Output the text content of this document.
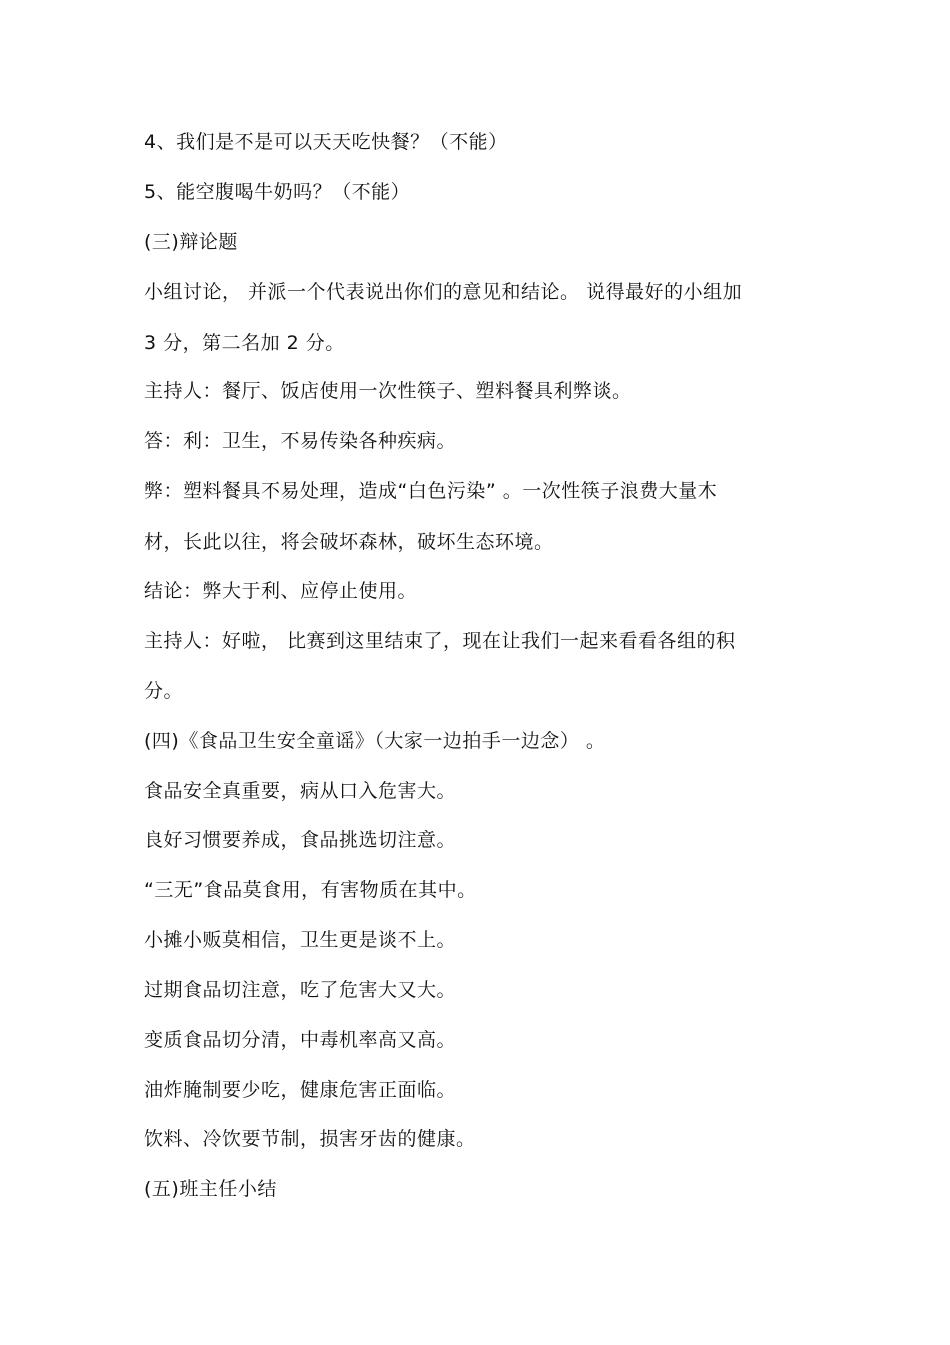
4、我们是不是可以天天吃快餐？（不能）
5、能空腹喝牛奶吗？（不能）
(三)辩论题
小组讨论， 并派一个代表说出你们的意见和结论。 说得最好的小组加
3 分，第二名加 2 分。
主持人：餐厅、饭店使用一次性筷子、塑料餐具利弊谈。
答：利：卫生，不易传染各种疾病。
弊：塑料餐具不易处理，造成“白色污染” 。一次性筷子浪费大量木
材，长此以往，将会破坏森林，破坏生态环境。
结论：弊大于利、应停止使用。
主持人：好啦， 比赛到这里结束了，现在让我们一起来看看各组的积
分。
(四)《食品卫生安全童谣》（大家一边拍手一边念） 。
食品安全真重要，病从口入危害大。
良好习惯要养成，食品挑选切注意。
“三无”食品莫食用，有害物质在其中。
小摊小贩莫相信，卫生更是谈不上。
过期食品切注意，吃了危害大又大。
变质食品切分清，中毒机率高又高。
油炸腌制要少吃，健康危害正面临。
饮料、冷饮要节制，损害牙齿的健康。
(五)班主任小结
